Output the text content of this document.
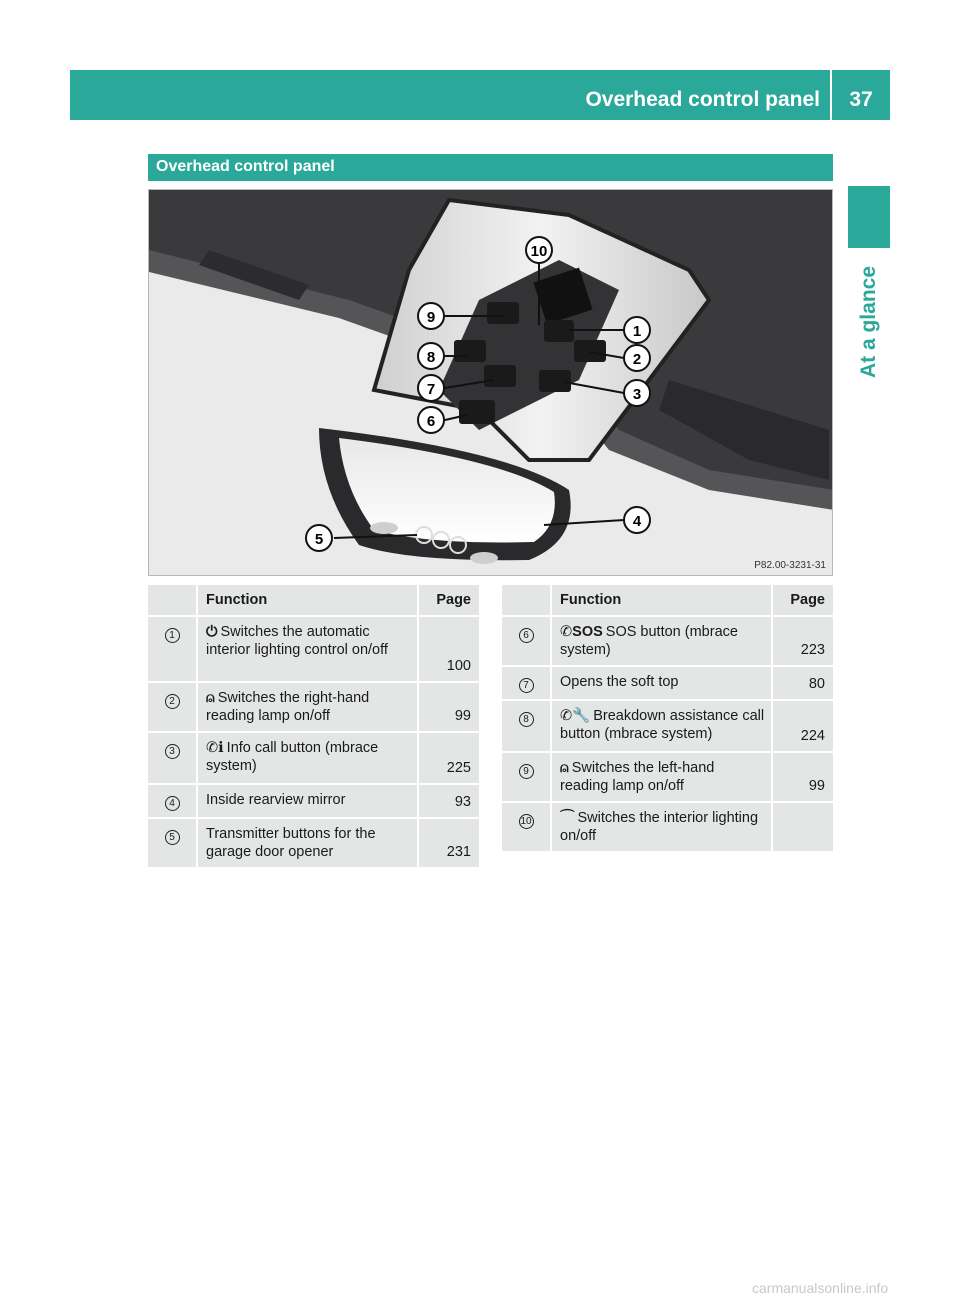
Overhead control panel	37
At a glance
Overhead control panel
10
9
8
7
6
1
2
3
4
5
P82.00-3231-31
	Function	Page
1	⏻ Switches the automatic interior lighting control on/off	100
2	⍝ Switches the right-hand reading lamp on/off	99
3	✆ℹ Info call button (mbrace system)	225
4	Inside rearview mirror	93
5	Transmitter buttons for the garage door opener	231
	Function	Page
6	✆SOS SOS button (mbrace system)	223
7	Opens the soft top	80
8	✆🔧 Breakdown assistance call button (mbrace system)	224
9	⍝ Switches the left-hand reading lamp on/off	99
10	⌒ Switches the interior lighting on/off	
carmanualsonline.info
